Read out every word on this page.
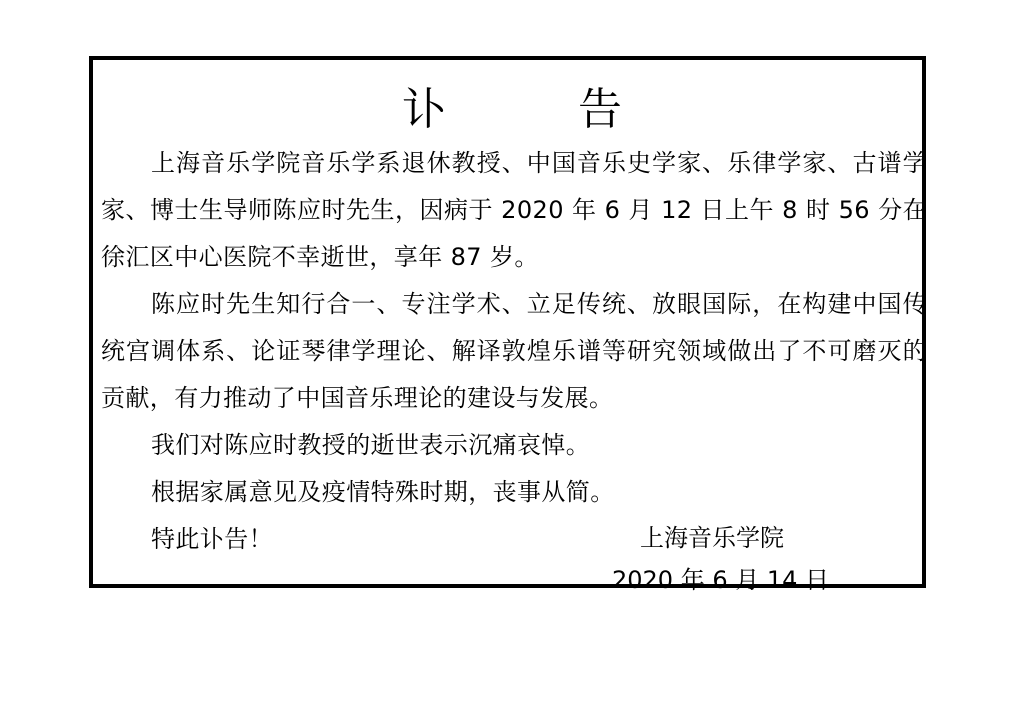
讣　告

上海音乐学院音乐学系退休教授、中国音乐史学家、乐律学家、古谱学家、博士生导师陈应时先生，因病于 2020 年 6 月 12 日上午 8 时 56 分在徐汇区中心医院不幸逝世，享年 87 岁。

陈应时先生知行合一、专注学术、立足传统、放眼国际，在构建中国传统宫调体系、论证琴律学理论、解译敦煌乐谱等研究领域做出了不可磨灭的贡献，有力推动了中国音乐理论的建设与发展。

我们对陈应时教授的逝世表示沉痛哀悼。

根据家属意见及疫情特殊时期，丧事从简。

特此讣告！	上海音乐学院
2020 年 6 月 14 日
